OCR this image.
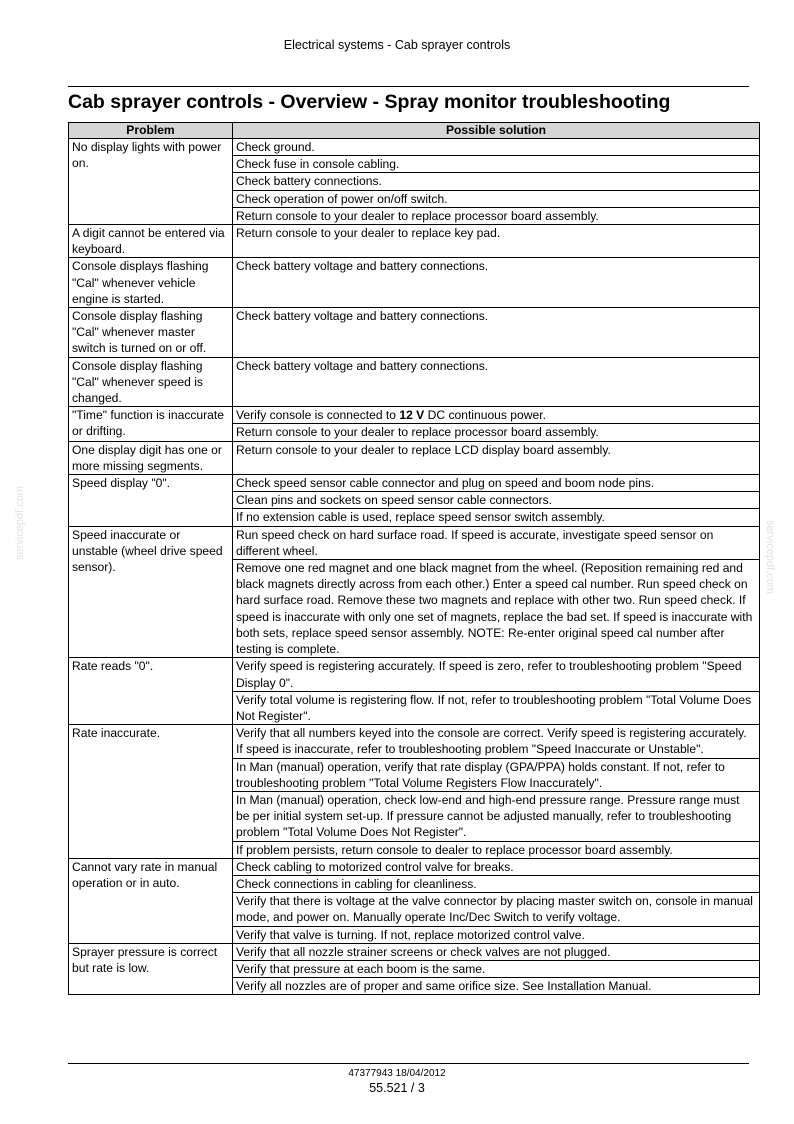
Electrical systems - Cab sprayer controls
Cab sprayer controls - Overview - Spray monitor troubleshooting
Problem	Possible solution
No display lights with power on.	Check ground.
	Check fuse in console cabling.
	Check battery connections.
	Check operation of power on/off switch.
	Return console to your dealer to replace processor board assembly.
A digit cannot be entered via keyboard.	Return console to your dealer to replace key pad.
Console displays flashing "Cal" whenever vehicle engine is started.	Check battery voltage and battery connections.
Console display flashing "Cal" whenever master switch is turned on or off.	Check battery voltage and battery connections.
Console display flashing "Cal" whenever speed is changed.	Check battery voltage and battery connections.
"Time" function is inaccurate or drifting.	Verify console is connected to 12 V DC continuous power.
	Return console to your dealer to replace processor board assembly.
One display digit has one or more missing segments.	Return console to your dealer to replace LCD display board assembly.
Speed display "0".	Check speed sensor cable connector and plug on speed and boom node pins.
	Clean pins and sockets on speed sensor cable connectors.
	If no extension cable is used, replace speed sensor switch assembly.
Speed inaccurate or unstable (wheel drive speed sensor).	Run speed check on hard surface road. If speed is accurate, investigate speed sensor on different wheel.
	Remove one red magnet and one black magnet from the wheel. (Reposition remaining red and black magnets directly across from each other.) Enter a speed cal number. Run speed check on hard surface road. Remove these two magnets and replace with other two. Run speed check. If speed is inaccurate with only one set of magnets, replace the bad set. If speed is inaccurate with both sets, replace speed sensor assembly. NOTE: Re-enter original speed cal number after testing is complete.
Rate reads "0".	Verify speed is registering accurately. If speed is zero, refer to troubleshooting problem "Speed Display 0".
	Verify total volume is registering flow. If not, refer to troubleshooting problem "Total Volume Does Not Register".
Rate inaccurate.	Verify that all numbers keyed into the console are correct. Verify speed is registering accurately. If speed is inaccurate, refer to troubleshooting problem "Speed Inaccurate or Unstable".
	In Man (manual) operation, verify that rate display (GPA/PPA) holds constant. If not, refer to troubleshooting problem "Total Volume Registers Flow Inaccurately".
	In Man (manual) operation, check low-end and high-end pressure range. Pressure range must be per initial system set-up. If pressure cannot be adjusted manually, refer to troubleshooting problem "Total Volume Does Not Register".
	If problem persists, return console to dealer to replace processor board assembly.
Cannot vary rate in manual operation or in auto.	Check cabling to motorized control valve for breaks.
	Check connections in cabling for cleanliness.
	Verify that there is voltage at the valve connector by placing master switch on, console in manual mode, and power on. Manually operate Inc/Dec Switch to verify voltage.
	Verify that valve is turning. If not, replace motorized control valve.
Sprayer pressure is correct but rate is low.	Verify that all nozzle strainer screens or check valves are not plugged.
	Verify that pressure at each boom is the same.
	Verify all nozzles are of proper and same orifice size. See Installation Manual.
servicepdf.com	servicepdf.com
47377943 18/04/2012
55.521 / 3
